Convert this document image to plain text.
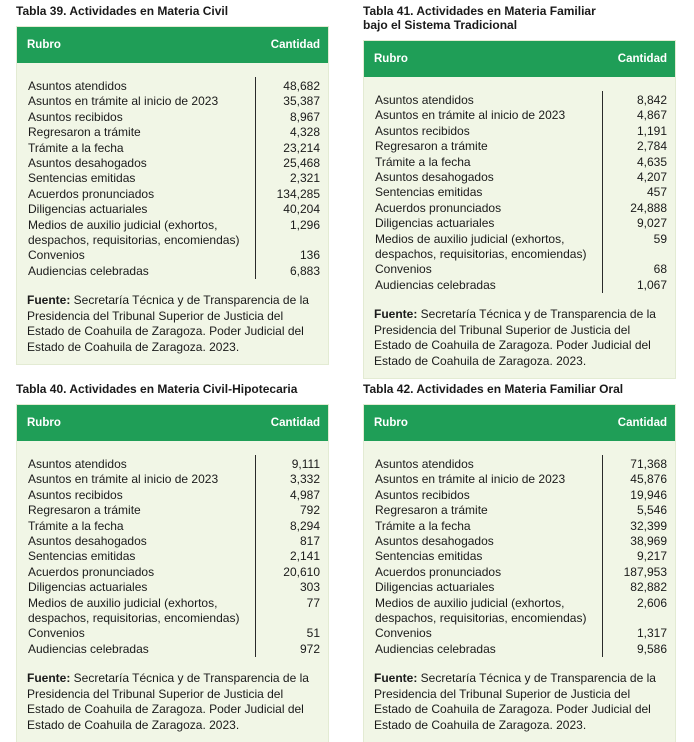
Tabla 39. Actividades en Materia Civil
Rubro	Cantidad
Asuntos atendidos	48,682
Asuntos en trámite al inicio de 2023	35,387
Asuntos recibidos	8,967
Regresaron a trámite	4,328
Trámite a la fecha	23,214
Asuntos desahogados	25,468
Sentencias emitidas	2,321
Acuerdos pronunciados	134,285
Diligencias actuariales	40,204
Medios de auxilio judicial (exhortos,	1,296
despachos, requisitorias, encomiendas)
Convenios	136
Audiencias celebradas	6,883
Fuente: Secretaría Técnica y de Transparencia de la Presidencia del Tribunal Superior de Justicia del Estado de Coahuila de Zaragoza. Poder Judicial del Estado de Coahuila de Zaragoza. 2023.
Tabla 40. Actividades en Materia Civil-Hipotecaria
Rubro	Cantidad
Asuntos atendidos	9,111
Asuntos en trámite al inicio de 2023	3,332
Asuntos recibidos	4,987
Regresaron a trámite	792
Trámite a la fecha	8,294
Asuntos desahogados	817
Sentencias emitidas	2,141
Acuerdos pronunciados	20,610
Diligencias actuariales	303
Medios de auxilio judicial (exhortos,	77
despachos, requisitorias, encomiendas)
Convenios	51
Audiencias celebradas	972
Fuente: Secretaría Técnica y de Transparencia de la Presidencia del Tribunal Superior de Justicia del Estado de Coahuila de Zaragoza. Poder Judicial del Estado de Coahuila de Zaragoza. 2023.
Tabla 41. Actividades en Materia Familiar
bajo el Sistema Tradicional
Rubro	Cantidad
Asuntos atendidos	8,842
Asuntos en trámite al inicio de 2023	4,867
Asuntos recibidos	1,191
Regresaron a trámite	2,784
Trámite a la fecha	4,635
Asuntos desahogados	4,207
Sentencias emitidas	457
Acuerdos pronunciados	24,888
Diligencias actuariales	9,027
Medios de auxilio judicial (exhortos,	59
despachos, requisitorias, encomiendas)
Convenios	68
Audiencias celebradas	1,067
Fuente: Secretaría Técnica y de Transparencia de la Presidencia del Tribunal Superior de Justicia del Estado de Coahuila de Zaragoza. Poder Judicial del Estado de Coahuila de Zaragoza. 2023.
Tabla 42. Actividades en Materia Familiar Oral
Rubro	Cantidad
Asuntos atendidos	71,368
Asuntos en trámite al inicio de 2023	45,876
Asuntos recibidos	19,946
Regresaron a trámite	5,546
Trámite a la fecha	32,399
Asuntos desahogados	38,969
Sentencias emitidas	9,217
Acuerdos pronunciados	187,953
Diligencias actuariales	82,882
Medios de auxilio judicial (exhortos,	2,606
despachos, requisitorias, encomiendas)
Convenios	1,317
Audiencias celebradas	9,586
Fuente: Secretaría Técnica y de Transparencia de la Presidencia del Tribunal Superior de Justicia del Estado de Coahuila de Zaragoza. Poder Judicial del Estado de Coahuila de Zaragoza. 2023.
